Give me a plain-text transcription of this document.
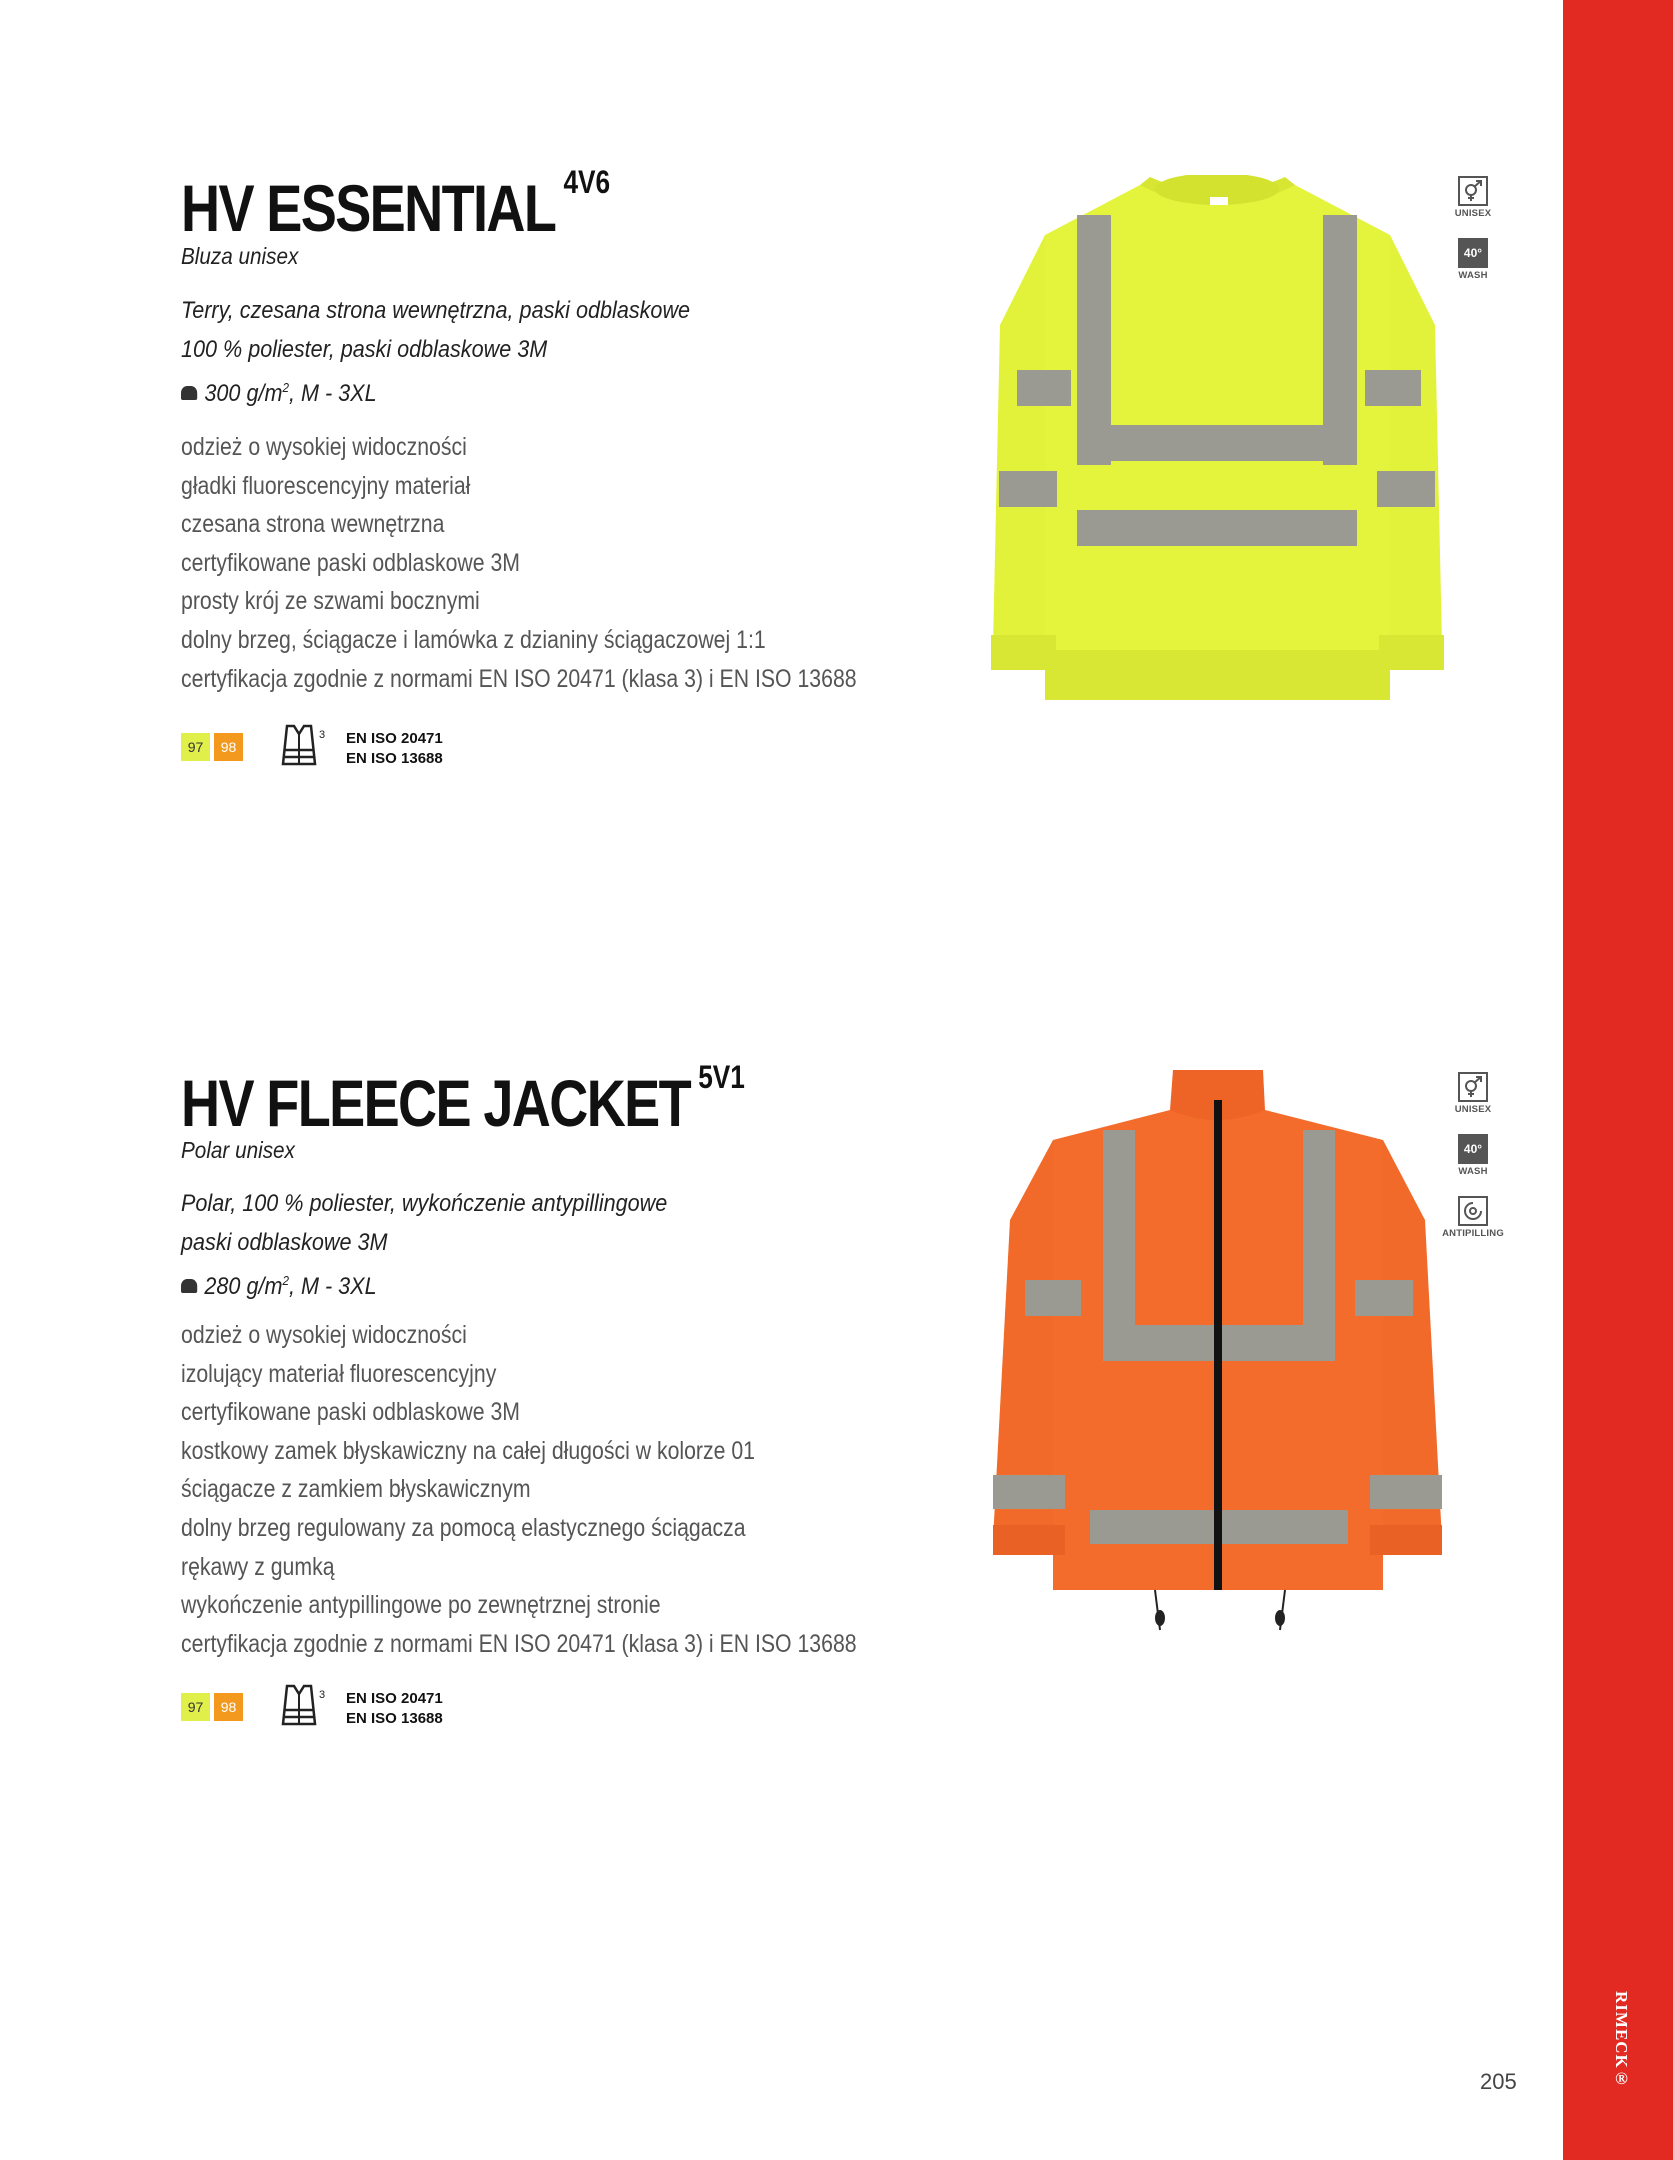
RIMECK®
205
HV ESSENTIAL $^{4V6}$
Bluza unisex
Terry, czesana strona wewnętrzna, paski odblaskowe
100 % poliester, paski odblaskowe 3M
300 $g/m^2$, M - 3XL
odzież o wysokiej widoczności
gładki fluorescencyjny materiał
czesana strona wewnętrzna
certyfikowane paski odblaskowe 3M
prosty krój ze szwami bocznymi
dolny brzeg, ściągacze i lamówka z dzianiny ściągaczowej 1:1
certyfikacja zgodnie z normami EN ISO 20471 (klasa 3) i EN ISO 13688
97	98
3 EN ISO 20471
EN ISO 13688
UNISEX
40°
WASH
HV FLEECE JACKET $^{5V1}$
Polar unisex
Polar, 100 % poliester, wykończenie antypillingowe
paski odblaskowe 3M
280 $g/m^2$, M - 3XL
odzież o wysokiej widoczności
izolujący materiał fluorescencyjny
certyfikowane paski odblaskowe 3M
kostkowy zamek błyskawiczny na całej długości w kolorze 01
ściągacze z zamkiem błyskawicznym
dolny brzeg regulowany za pomocą elastycznego ściągacza
rękawy z gumką
wykończenie antypillingowe po zewnętrznej stronie
certyfikacja zgodnie z normami EN ISO 20471 (klasa 3) i EN ISO 13688
97	98
3 EN ISO 20471
EN ISO 13688
UNISEX
40°
WASH
ANTIPILLING
